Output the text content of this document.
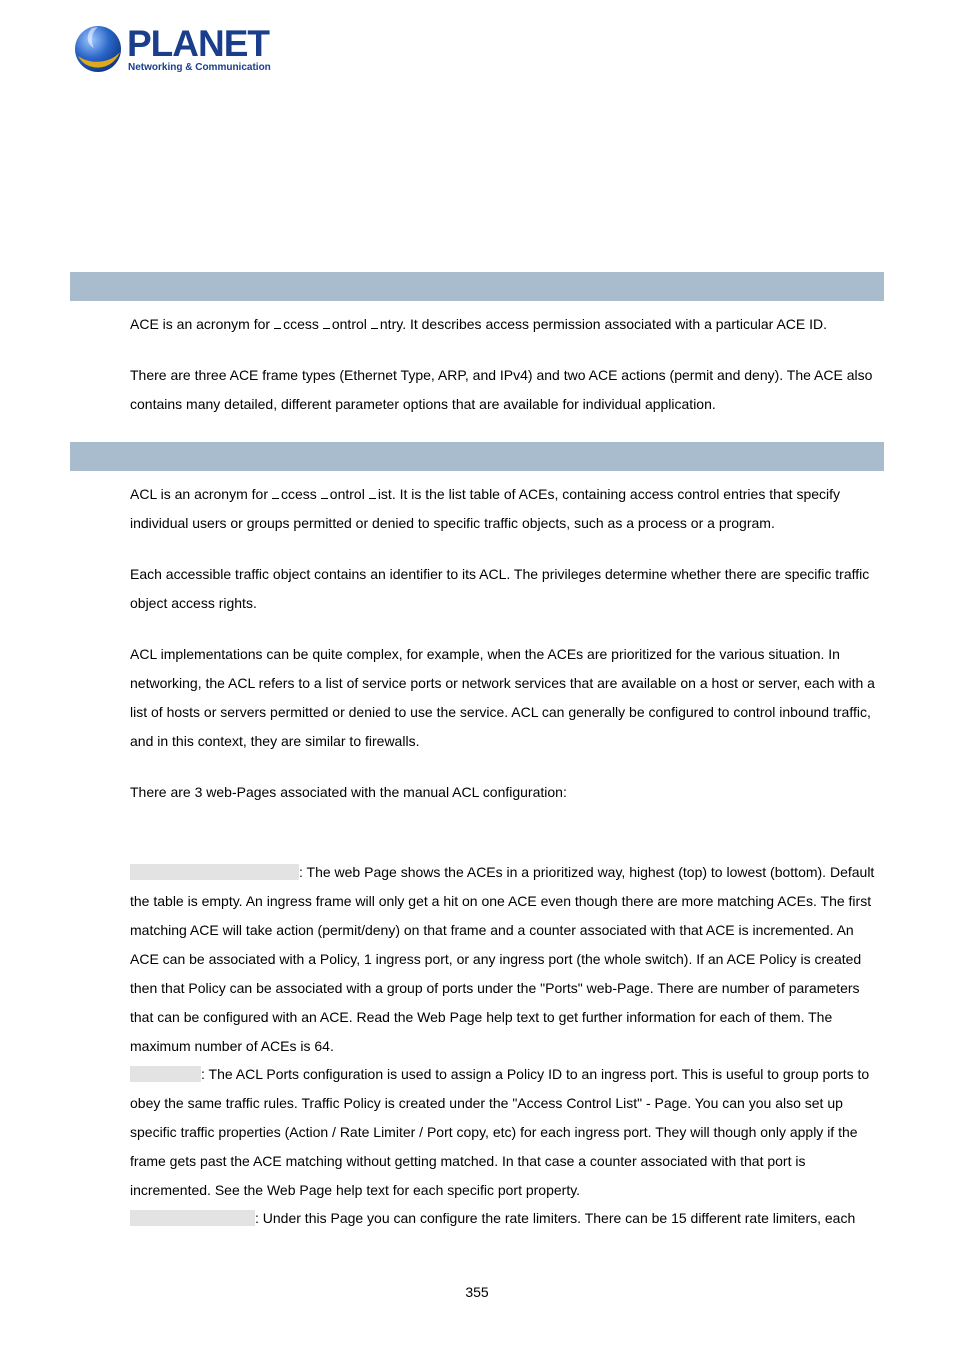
PLANET
Networking & Communication

ACE is an acronym for ccess ontrol ntry. It describes access permission associated with a particular ACE ID.

There are three ACE frame types (Ethernet Type, ARP, and IPv4) and two ACE actions (permit and deny). The ACE also contains many detailed, different parameter options that are available for individual application.

ACL is an acronym for ccess ontrol ist. It is the list table of ACEs, containing access control entries that specify individual users or groups permitted or denied to specific traffic objects, such as a process or a program.

Each accessible traffic object contains an identifier to its ACL. The privileges determine whether there are specific traffic object access rights.

ACL implementations can be quite complex, for example, when the ACEs are prioritized for the various situation. In networking, the ACL refers to a list of service ports or network services that are available on a host or server, each with a list of hosts or servers permitted or denied to use the service. ACL can generally be configured to control inbound traffic, and in this context, they are similar to firewalls.

There are 3 web-Pages associated with the manual ACL configuration:

: The web Page shows the ACEs in a prioritized way, highest (top) to lowest (bottom). Default the table is empty. An ingress frame will only get a hit on one ACE even though there are more matching ACEs. The first matching ACE will take action (permit/deny) on that frame and a counter associated with that ACE is incremented. An ACE can be associated with a Policy, 1 ingress port, or any ingress port (the whole switch). If an ACE Policy is created then that Policy can be associated with a group of ports under the "Ports" web-Page. There are number of parameters that can be configured with an ACE. Read the Web Page help text to get further information for each of them. The maximum number of ACEs is 64.

: The ACL Ports configuration is used to assign a Policy ID to an ingress port. This is useful to group ports to obey the same traffic rules. Traffic Policy is created under the "Access Control List" - Page. You can you also set up specific traffic properties (Action / Rate Limiter / Port copy, etc) for each ingress port. They will though only apply if the frame gets past the ACE matching without getting matched. In that case a counter associated with that port is incremented. See the Web Page help text for each specific port property.

: Under this Page you can configure the rate limiters. There can be 15 different rate limiters, each

355
